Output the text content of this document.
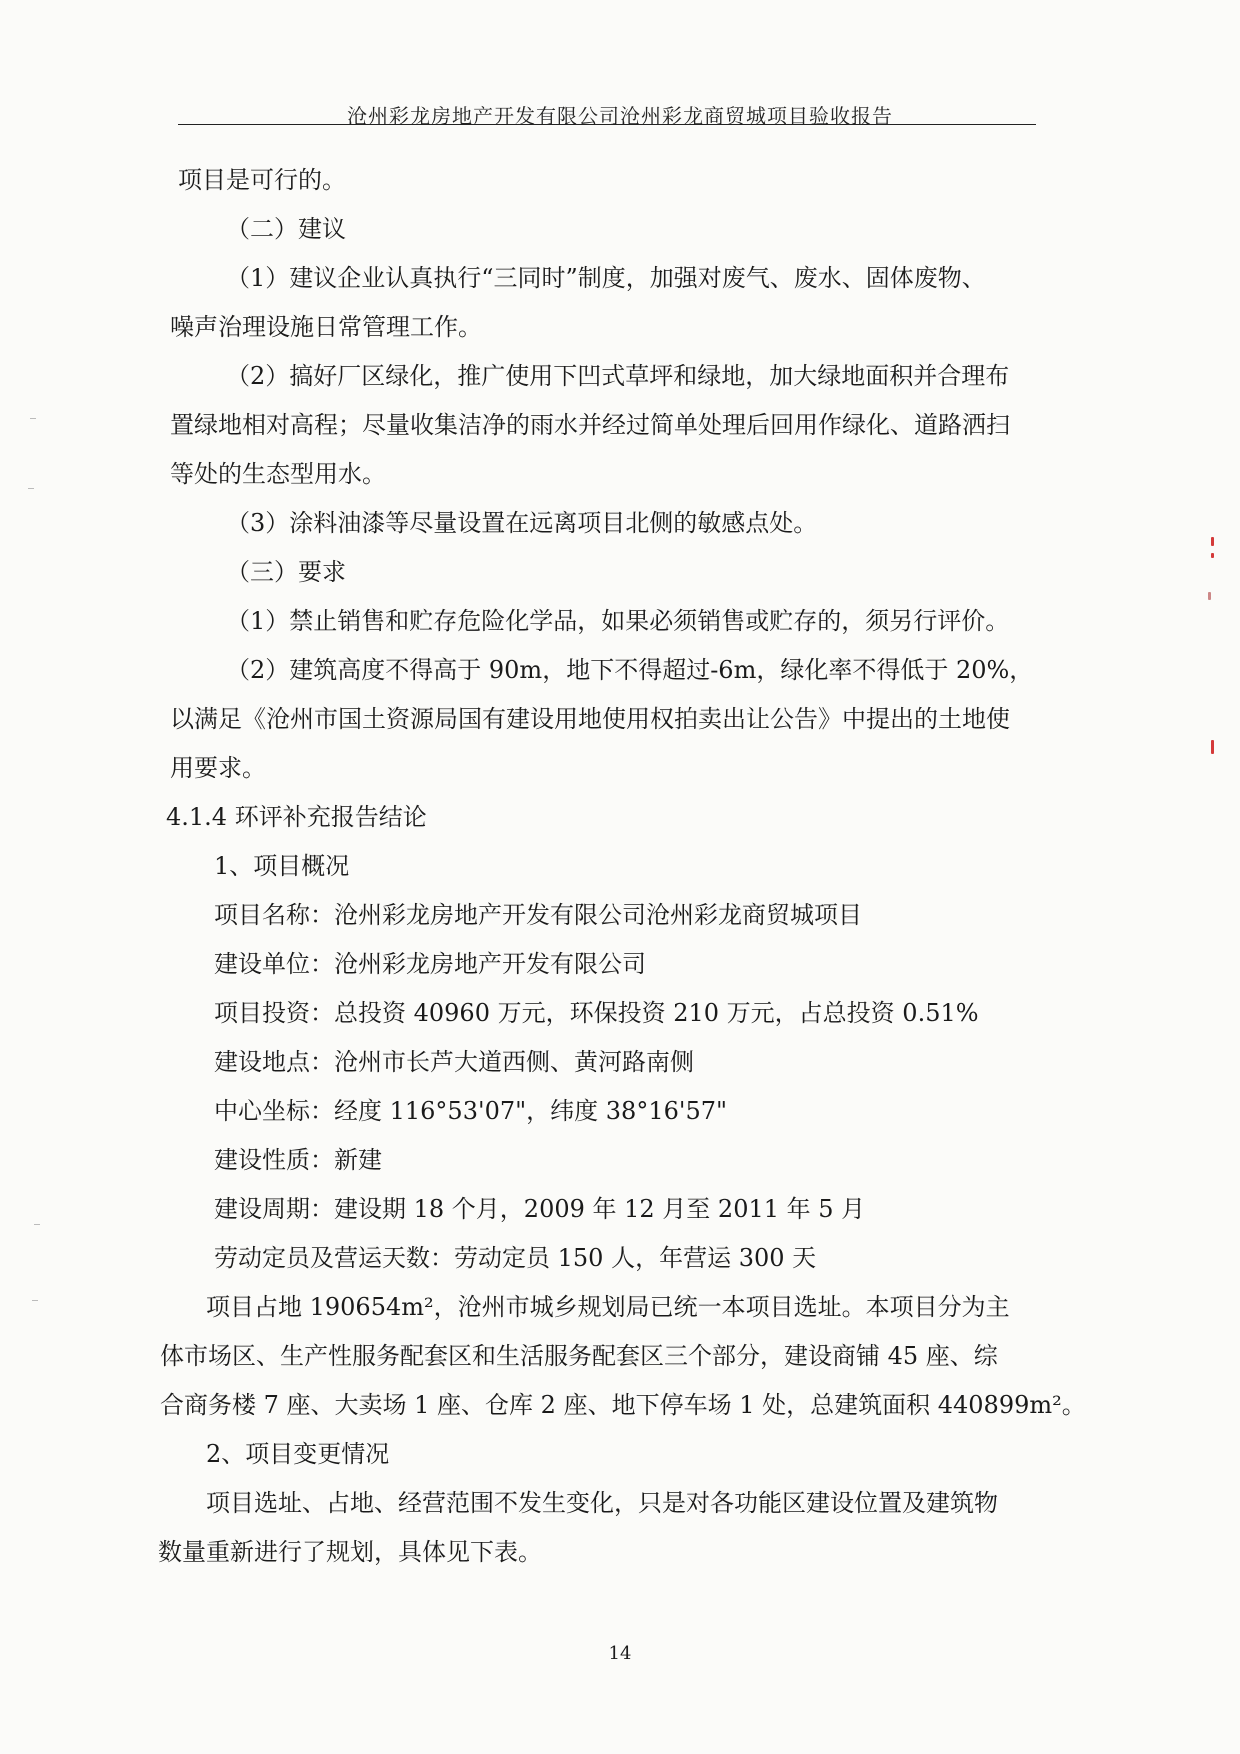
沧州彩龙房地产开发有限公司沧州彩龙商贸城项目验收报告

项目是可行的。

（二）建议

（1）建议企业认真执行“三同时”制度，加强对废气、废水、固体废物、

噪声治理设施日常管理工作。

（2）搞好厂区绿化，推广使用下凹式草坪和绿地，加大绿地面积并合理布

置绿地相对高程；尽量收集洁净的雨水并经过简单处理后回用作绿化、道路洒扫

等处的生态型用水。

（3）涂料油漆等尽量设置在远离项目北侧的敏感点处。

（三）要求

（1）禁止销售和贮存危险化学品，如果必须销售或贮存的，须另行评价。

（2）建筑高度不得高于 90m，地下不得超过-6m，绿化率不得低于 20%，

以满足《沧州市国土资源局国有建设用地使用权拍卖出让公告》中提出的土地使

用要求。

4.1.4 环评补充报告结论

1、项目概况

项目名称：沧州彩龙房地产开发有限公司沧州彩龙商贸城项目

建设单位：沧州彩龙房地产开发有限公司

项目投资：总投资 40960 万元，环保投资 210 万元，占总投资 0.51%

建设地点：沧州市长芦大道西侧、黄河路南侧

中心坐标：经度 116°53'07"，纬度 38°16'57"

建设性质：新建

建设周期：建设期 18 个月，2009 年 12 月至 2011 年 5 月

劳动定员及营运天数：劳动定员 150 人，年营运 300 天

项目占地 190654m²，沧州市城乡规划局已统一本项目选址。本项目分为主

体市场区、生产性服务配套区和生活服务配套区三个部分，建设商铺 45 座、综

合商务楼 7 座、大卖场 1 座、仓库 2 座、地下停车场 1 处，总建筑面积 440899m²。

2、项目变更情况

项目选址、占地、经营范围不发生变化，只是对各功能区建设位置及建筑物

数量重新进行了规划，具体见下表。

14
